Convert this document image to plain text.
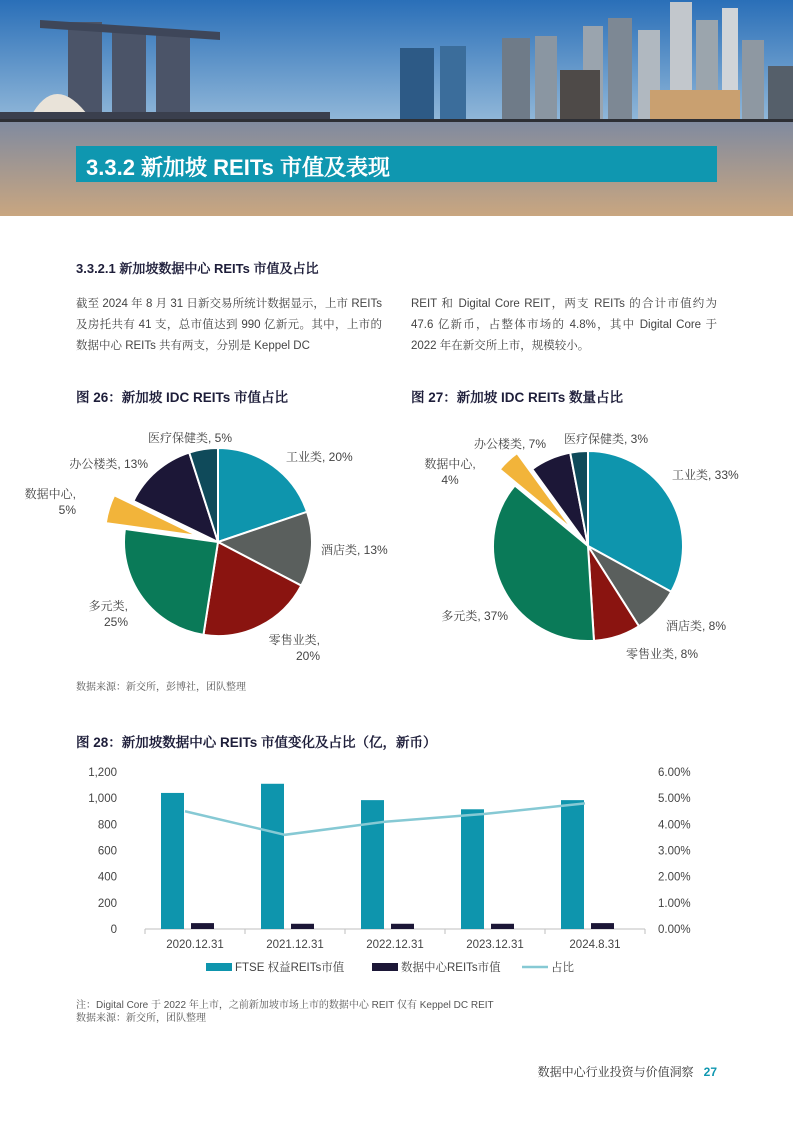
3.3.2 新加坡 REITs 市值及表现
3.3.2.1 新加坡数据中心 REITs 市值及占比
截至 2024 年 8 月 31 日新交易所统计数据显示，上市 REITs 及房托共有 41 支，总市值达到 990 亿新元。其中，上市的数据中心 REITs 共有两支，分别是 Keppel DC
REIT 和 Digital Core REIT，两支 REITs 的合计市值约为 47.6 亿新币，占整体市场的 4.8%，其中 Digital Core 于 2022 年在新交所上市，规模较小。
图 26：新加坡 IDC REITs 市值占比	图 27：新加坡 IDC REITs 数量占比
工业类, 20%
酒店类, 13%
零售业类, 20%
多元类, 25%
数据中心, 5%
办公楼类, 13%
医疗保健类, 5%
工业类, 33%
酒店类, 8%
零售业类, 8%
多元类, 37%
数据中心, 4%
办公楼类, 7% 医疗保健类, 3%
数据来源：新交所，彭博社，团队整理
图 28：新加坡数据中心 REITs 市值变化及占比（亿，新币）
0
200
400
600
800
1,000
1,200
0.00%
1.00%
2.00%
3.00%
4.00%
5.00%
6.00%
2020.12.31	2021.12.31	2022.12.31	2023.12.31	2024.8.31
FTSE 权益REITs市值	数据中心REITs市值	占比
注：Digital Core 于 2022 年上市，之前新加坡市场上市的数据中心 REIT 仅有 Keppel DC REIT
数据来源：新交所，团队整理
数据中心行业投资与价值洞察 27
